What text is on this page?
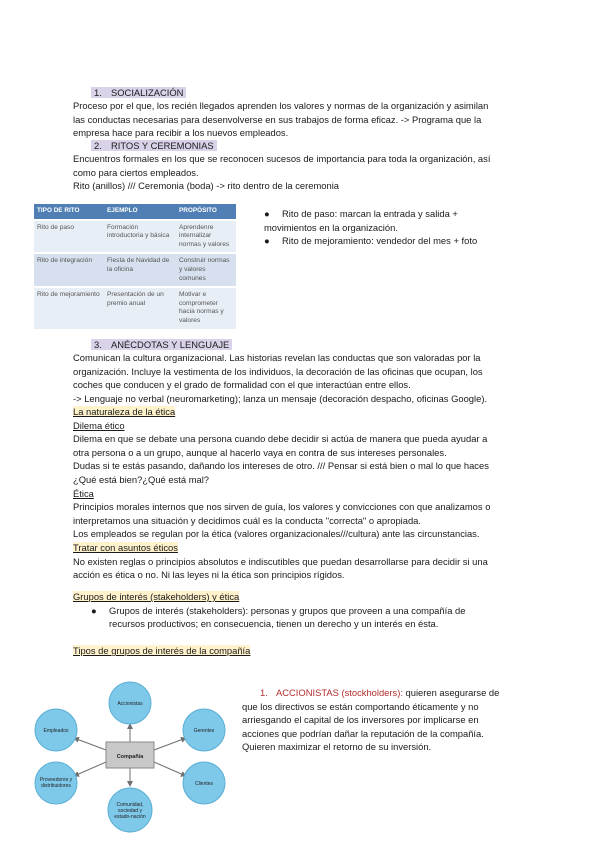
1. SOCIALIZACIÓN
Proceso por el que, los recién llegados aprenden los valores y normas de la organización y asimilan
las conductas necesarias para desenvolverse en sus trabajos de forma eficaz. -> Programa que la
empresa hace para recibir a los nuevos empleados.
2. RITOS Y CEREMONIAS
Encuentros formales en los que se reconocen sucesos de importancia para toda la organización, así
como para ciertos empleados.
Rito (anillos) /// Ceremonia (boda) -> rito dentro de la ceremonia
TIPO DE RITO	EJEMPLO	PROPÓSITO
Rito de paso	Formación introductoria y básica	Aprendenre internalizar normas y valores
Rito de integración	Fiesta de Navidad de la oficina	Construir normas y valores comunes
Rito de mejoramiento	Presentación de un premio anual	Motivar e comprometer hacia normas y valores
● Rito de paso: marcan la entrada y salida +
movimientos en la organización.
● Rito de mejoramiento: vendedor del mes + foto
3. ANÉCDOTAS Y LENGUAJE
Comunican la cultura organizacional. Las historias revelan las conductas que son valoradas por la
organización. Incluye la vestimenta de los individuos, la decoración de las oficinas que ocupan, los
coches que conducen y el grado de formalidad con el que interactúan entre ellos.
-> Lenguaje no verbal (neuromarketing); lanza un mensaje (decoración despacho, oficinas Google).
La naturaleza de la ética
Dilema ético
Dilema en que se debate una persona cuando debe decidir si actúa de manera que pueda ayudar a
otra persona o a un grupo, aunque al hacerlo vaya en contra de sus intereses personales.
Dudas si te estás pasando, dañando los intereses de otro. /// Pensar si está bien o mal lo que haces
¿Qué está bien?¿Qué está mal?
Ética
Principios morales internos que nos sirven de guía, los valores y convicciones con que analizamos o
interpretamos una situación y decidimos cuál es la conducta "correcta" o apropiada.
Los empleados se regulan por la ética (valores organizacionales///cultura) ante las circunstancias.
Tratar con asuntos éticos
No existen reglas o principios absolutos e indiscutibles que puedan desarrollarse para decidir si una
acción es ética o no. Ni las leyes ni la ética son principios rígidos.
Grupos de interés (stakeholders) y ética
● Grupos de interés (stakeholders): personas y grupos que proveen a una compañía de
recursos productivos; en consecuencia, tienen un derecho y un interés en ésta.
Tipos de grupos de interés de la compañía
Compañía
Accionistas
Empleados	Gerentes
Proveedores y
distribuidores	Clientes
Comunidad,
sociedad y
estado-nación
1. ACCIONISTAS (stockholders): quieren asegurarse de
que los directivos se están comportando éticamente y no
arriesgando el capital de los inversores por implicarse en
acciones que podrían dañar la reputación de la compañía.
Quieren maximizar el retorno de su inversión.
